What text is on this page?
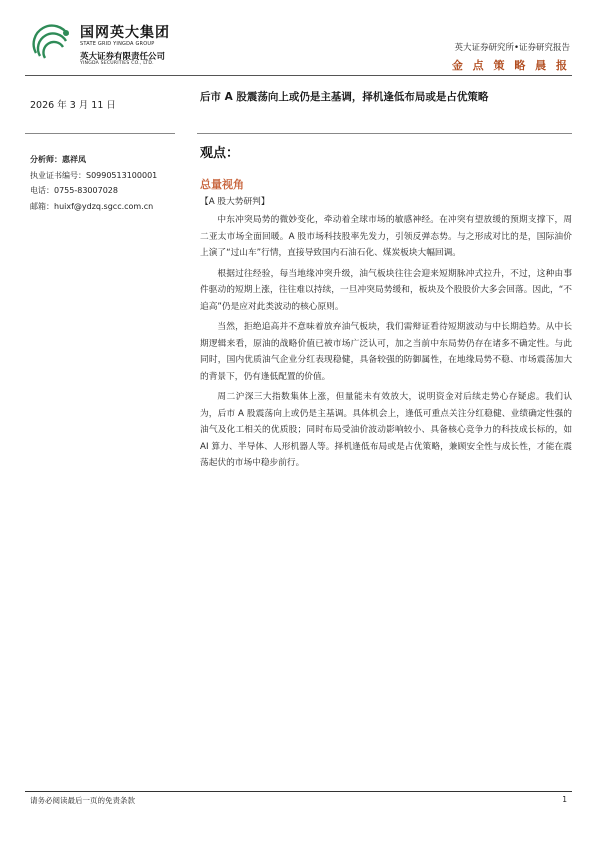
国网英大集团
STATE GRID YINGDA GROUP
英大证券有限责任公司
YINGDA SECURITIES CO., LTD.
英大证券研究所•证券研究报告
金 点 策 略 晨 报
2026 年 3 月 11 日
后市 A 股震荡向上或仍是主基调，择机逢低布局或是占优策略
分析师：惠祥凤
执业证书编号：S0990513100001
电话：0755-83007028
邮箱：huixf@ydzq.sgcc.com.cn
观点：
总量视角
【A 股大势研判】

中东冲突局势的微妙变化，牵动着全球市场的敏感神经。在冲突有望放缓的预期支撑下，周二亚太市场全面回暖。A 股市场科技股率先发力，引领反弹态势。与之形成对比的是，国际油价上演了“过山车”行情，直接导致国内石油石化、煤炭板块大幅回调。

根据过往经验，每当地缘冲突升级，油气板块往往会迎来短期脉冲式拉升，不过，这种由事件驱动的短期上涨，往往难以持续，一旦冲突局势缓和，板块及个股股价大多会回落。因此，“不追高”仍是应对此类波动的核心原则。

当然，拒绝追高并不意味着放弃油气板块，我们需辩证看待短期波动与中长期趋势。从中长期逻辑来看，原油的战略价值已被市场广泛认可，加之当前中东局势仍存在诸多不确定性。与此同时，国内优质油气企业分红表现稳健，具备较强的防御属性，在地缘局势不稳、市场震荡加大的背景下，仍有逢低配置的价值。

周二沪深三大指数集体上涨，但量能未有效放大，说明资金对后续走势心存疑虑。我们认为，后市 A 股震荡向上或仍是主基调。具体机会上，逢低可重点关注分红稳健、业绩确定性强的油气及化工相关的优质股；同时布局受油价波动影响较小、具备核心竞争力的科技成长标的，如 AI 算力、半导体、人形机器人等。择机逢低布局或是占优策略，兼顾安全性与成长性，才能在震荡起伏的市场中稳步前行。

请务必阅读最后一页的免责条款	1
